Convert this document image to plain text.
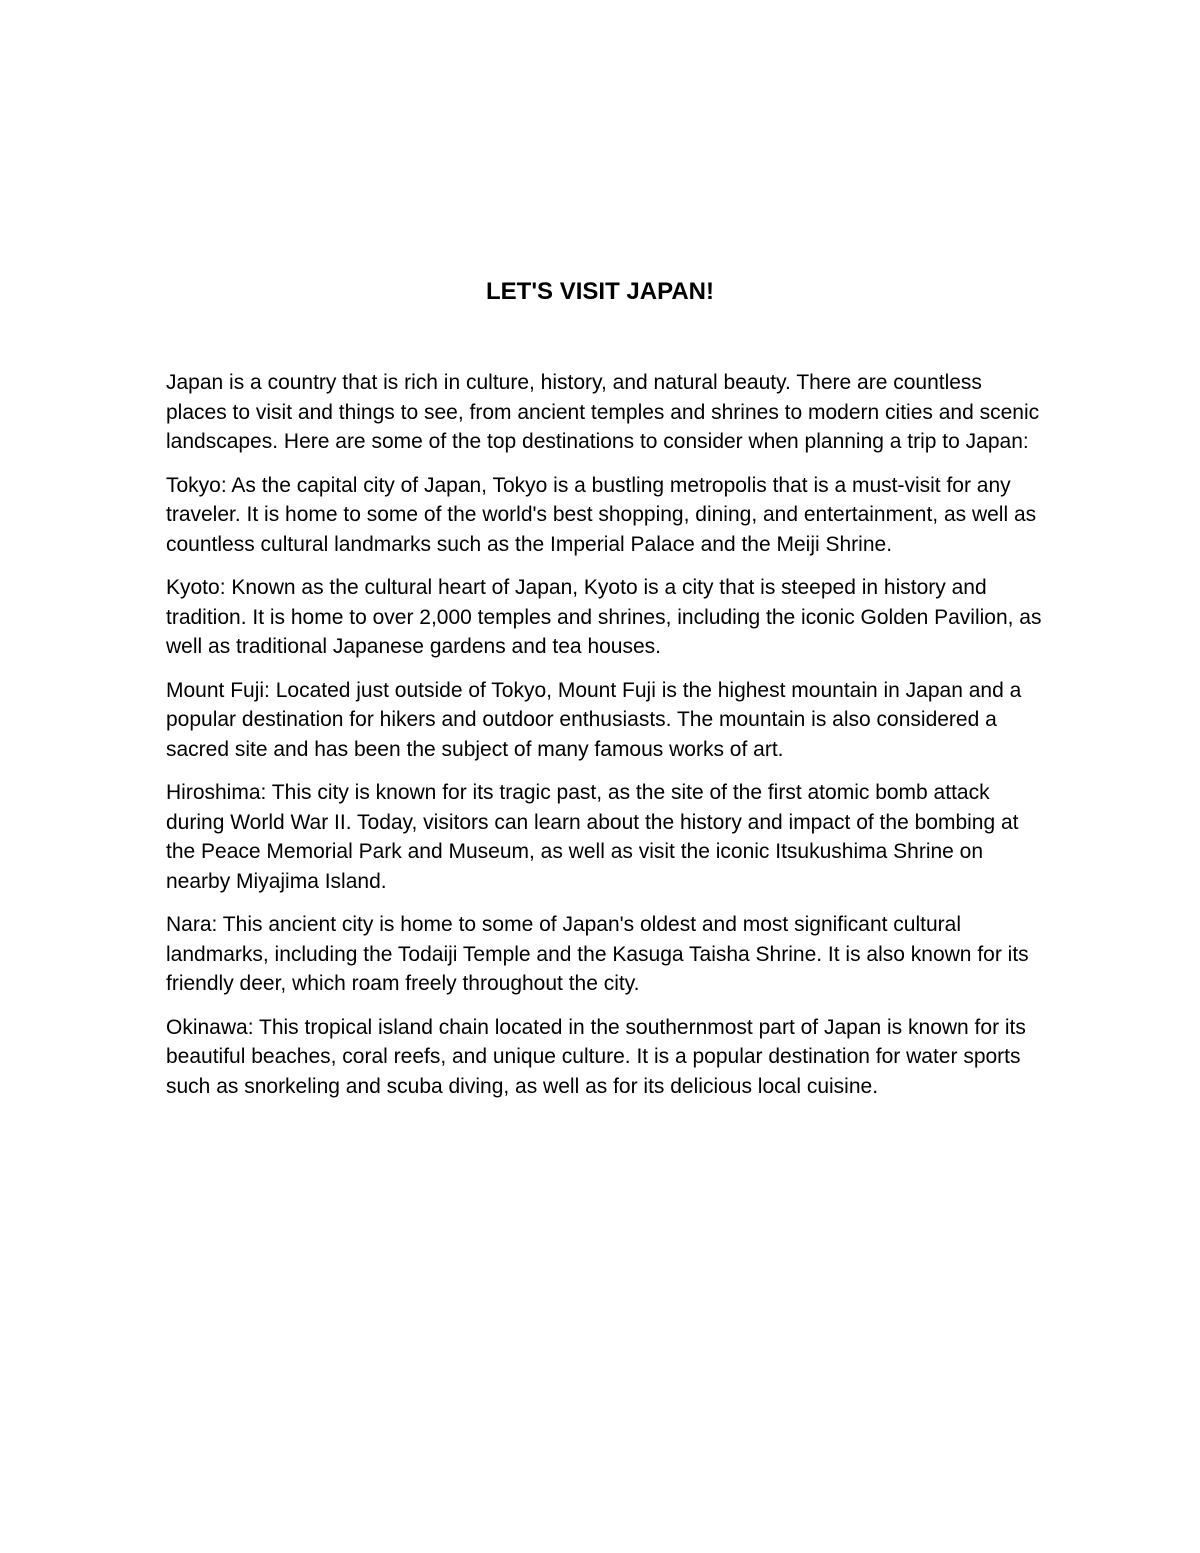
LET'S VISIT JAPAN!

Japan is a country that is rich in culture, history, and natural beauty. There are countless places to visit and things to see, from ancient temples and shrines to modern cities and scenic landscapes. Here are some of the top destinations to consider when planning a trip to Japan:

Tokyo: As the capital city of Japan, Tokyo is a bustling metropolis that is a must-visit for any traveler. It is home to some of the world's best shopping, dining, and entertainment, as well as countless cultural landmarks such as the Imperial Palace and the Meiji Shrine.

Kyoto: Known as the cultural heart of Japan, Kyoto is a city that is steeped in history and tradition. It is home to over 2,000 temples and shrines, including the iconic Golden Pavilion, as well as traditional Japanese gardens and tea houses.

Mount Fuji: Located just outside of Tokyo, Mount Fuji is the highest mountain in Japan and a popular destination for hikers and outdoor enthusiasts. The mountain is also considered a sacred site and has been the subject of many famous works of art.

Hiroshima: This city is known for its tragic past, as the site of the first atomic bomb attack during World War II. Today, visitors can learn about the history and impact of the bombing at the Peace Memorial Park and Museum, as well as visit the iconic Itsukushima Shrine on nearby Miyajima Island.

Nara: This ancient city is home to some of Japan's oldest and most significant cultural landmarks, including the Todaiji Temple and the Kasuga Taisha Shrine. It is also known for its friendly deer, which roam freely throughout the city.

Okinawa: This tropical island chain located in the southernmost part of Japan is known for its beautiful beaches, coral reefs, and unique culture. It is a popular destination for water sports such as snorkeling and scuba diving, as well as for its delicious local cuisine.
